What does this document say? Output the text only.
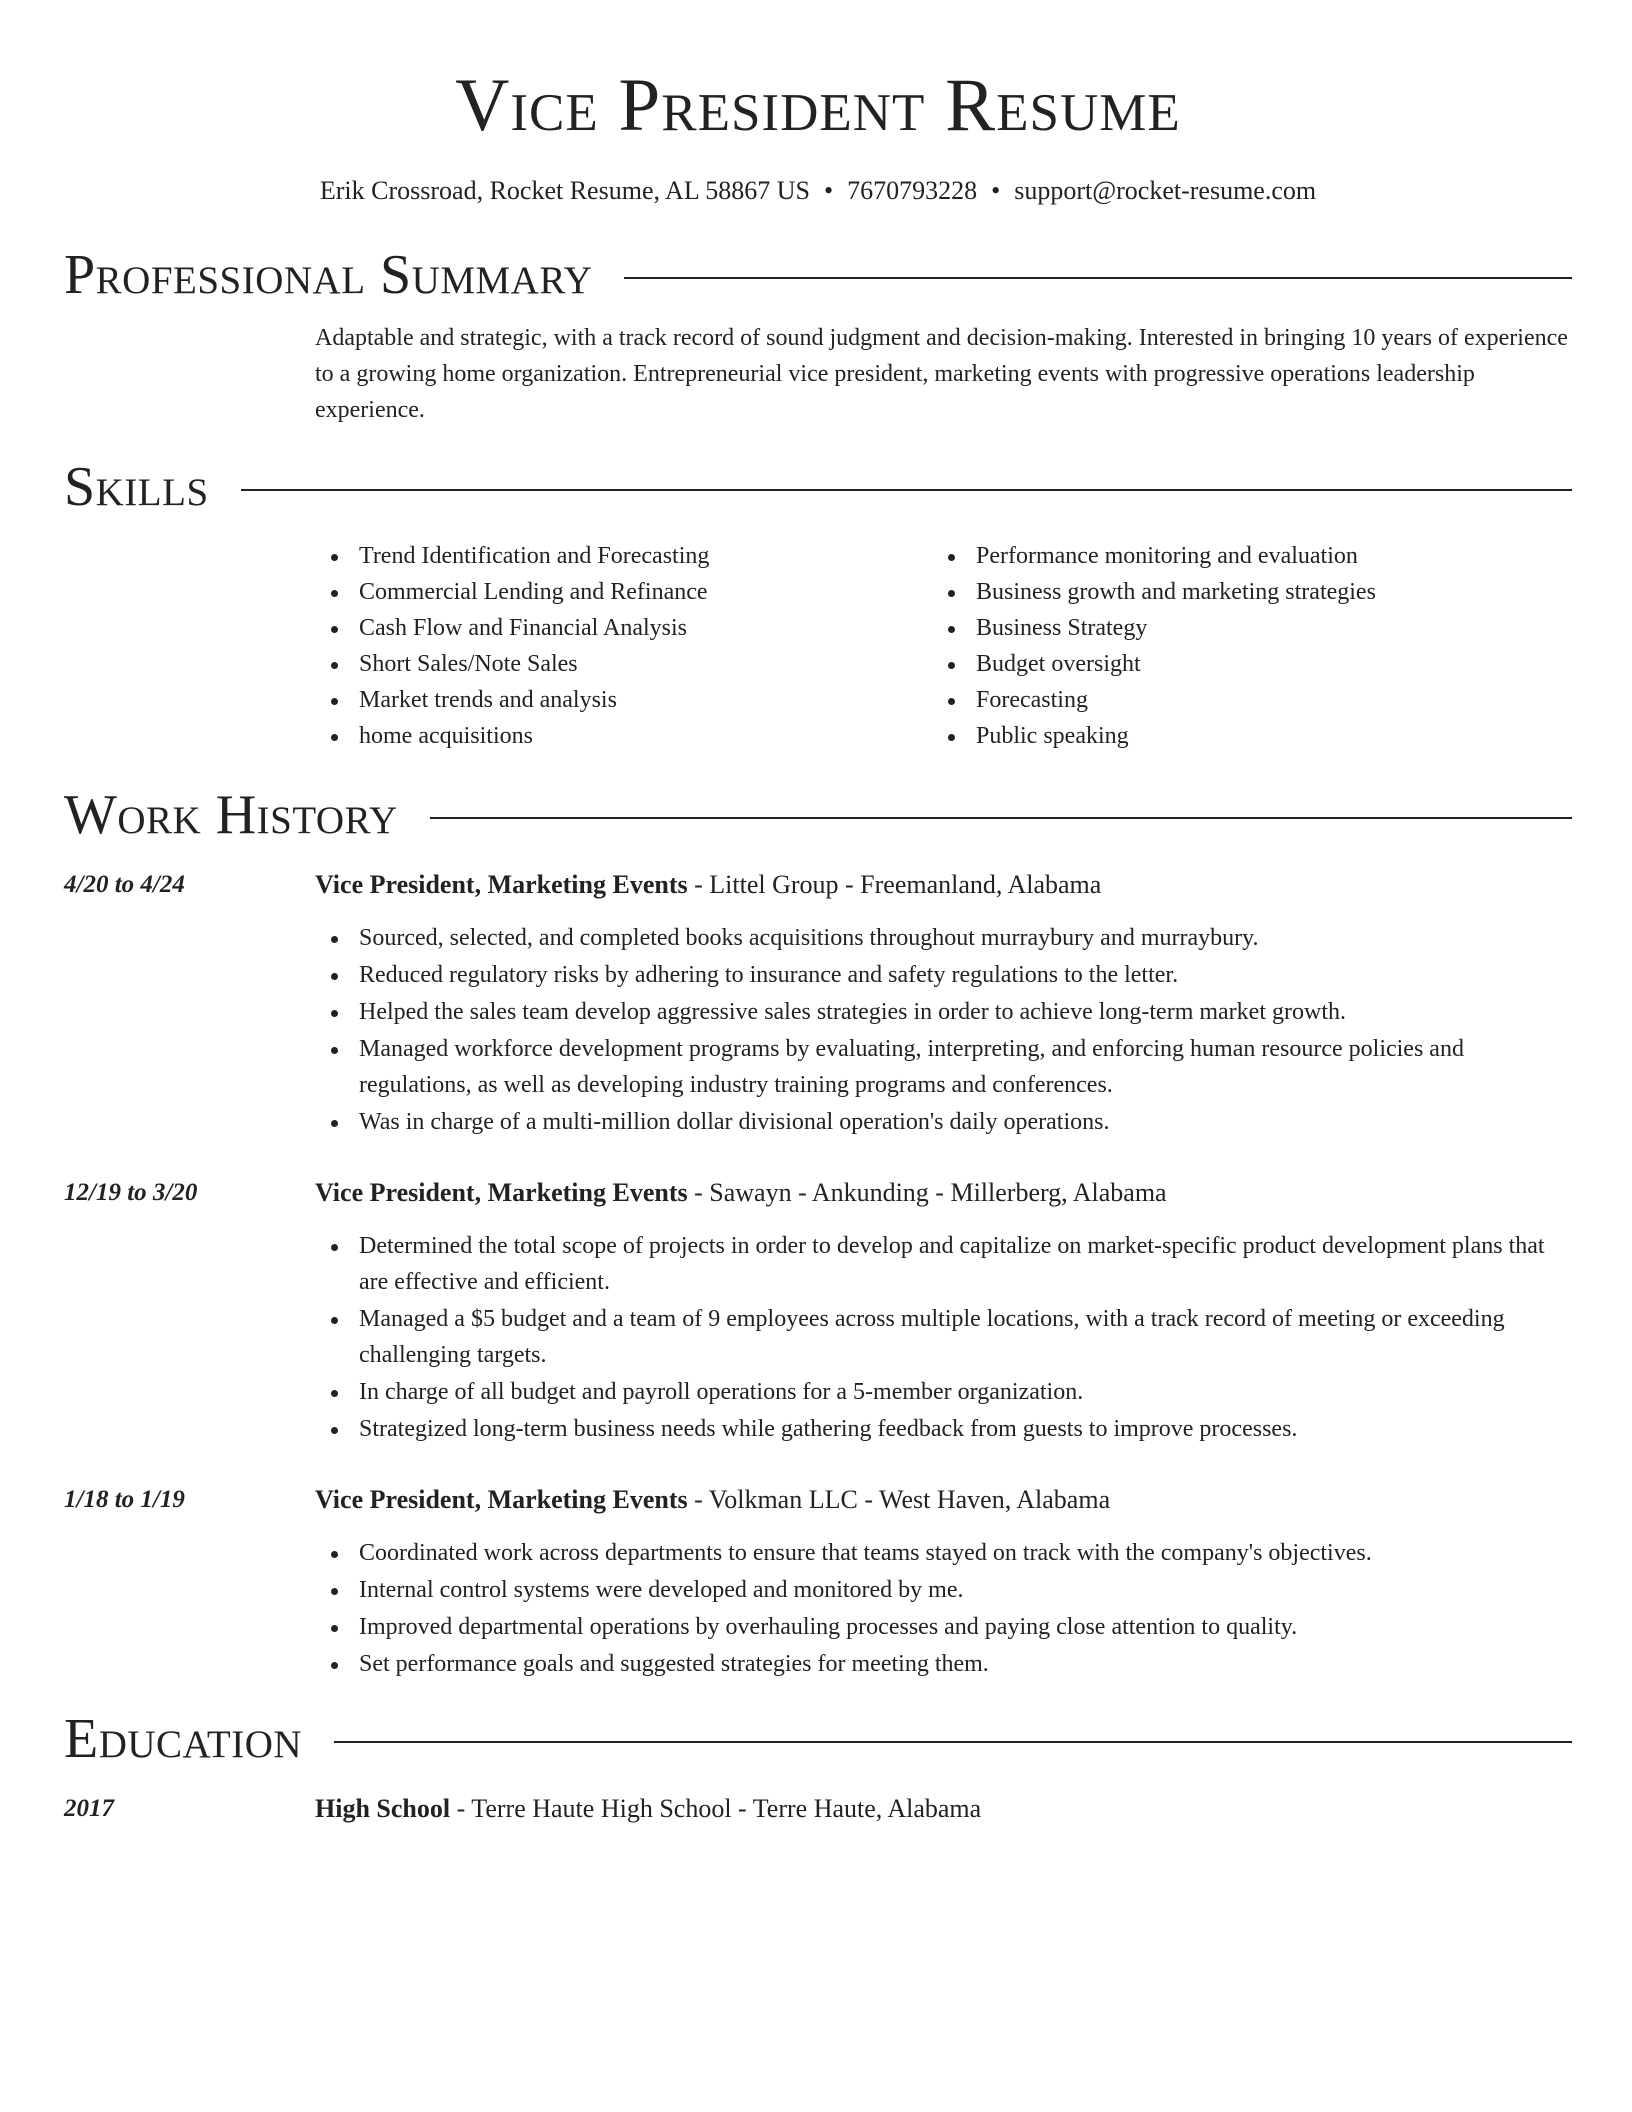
Vice President Resume
Erik Crossroad, Rocket Resume, AL 58867 US • 7670793228 • support@rocket-resume.com
Professional Summary
Adaptable and strategic, with a track record of sound judgment and decision-making. Interested in bringing 10 years of experience to a growing home organization. Entrepreneurial vice president, marketing events with progressive operations leadership experience.
Skills
Trend Identification and Forecasting
Commercial Lending and Refinance
Cash Flow and Financial Analysis
Short Sales/Note Sales
Market trends and analysis
home acquisitions
Performance monitoring and evaluation
Business growth and marketing strategies
Business Strategy
Budget oversight
Forecasting
Public speaking
Work History
4/20 to 4/24	Vice President, Marketing Events - Littel Group - Freemanland, Alabama
Sourced, selected, and completed books acquisitions throughout murraybury and murraybury.
Reduced regulatory risks by adhering to insurance and safety regulations to the letter.
Helped the sales team develop aggressive sales strategies in order to achieve long-term market growth.
Managed workforce development programs by evaluating, interpreting, and enforcing human resource policies and regulations, as well as developing industry training programs and conferences.
Was in charge of a multi-million dollar divisional operation's daily operations.
12/19 to 3/20	Vice President, Marketing Events - Sawayn - Ankunding - Millerberg, Alabama
Determined the total scope of projects in order to develop and capitalize on market-specific product development plans that are effective and efficient.
Managed a $5 budget and a team of 9 employees across multiple locations, with a track record of meeting or exceeding challenging targets.
In charge of all budget and payroll operations for a 5-member organization.
Strategized long-term business needs while gathering feedback from guests to improve processes.
1/18 to 1/19	Vice President, Marketing Events - Volkman LLC - West Haven, Alabama
Coordinated work across departments to ensure that teams stayed on track with the company's objectives.
Internal control systems were developed and monitored by me.
Improved departmental operations by overhauling processes and paying close attention to quality.
Set performance goals and suggested strategies for meeting them.
Education
2017	High School - Terre Haute High School - Terre Haute, Alabama
